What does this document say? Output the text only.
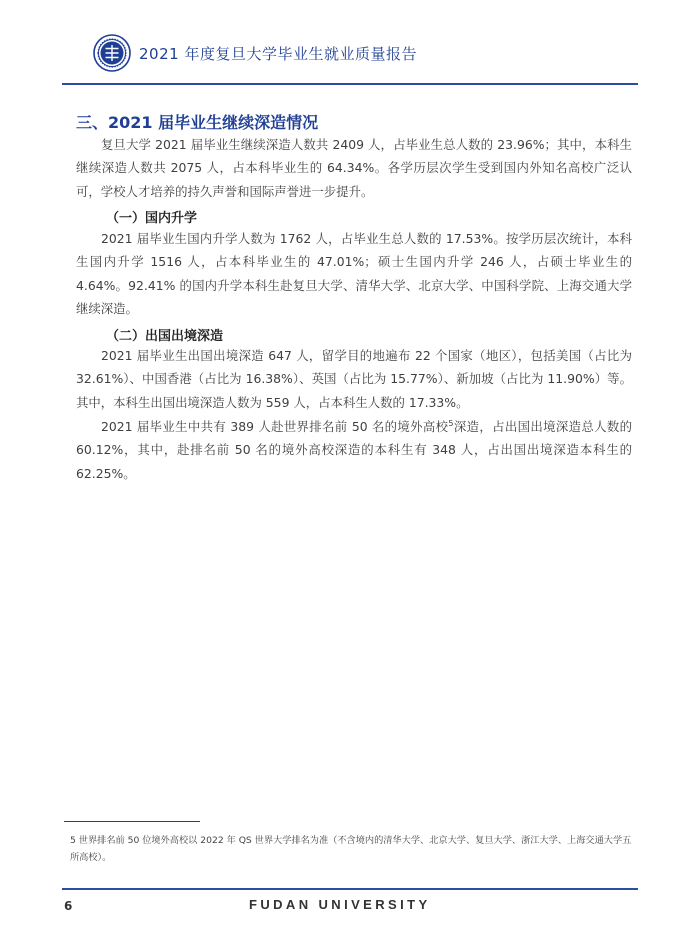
2021 年度复旦大学毕业生就业质量报告
三、2021 届毕业生继续深造情况

复旦大学 2021 届毕业生继续深造人数共 2409 人，占毕业生总人数的 23.96%；其中，本科生继续深造人数共 2075 人，占本科毕业生的 64.34%。各学历层次学生受到国内外知名高校广泛认可，学校人才培养的持久声誉和国际声誉进一步提升。

（一）国内升学

2021 届毕业生国内升学人数为 1762 人，占毕业生总人数的 17.53%。按学历层次统计，本科生国内升学 1516 人，占本科毕业生的 47.01%；硕士生国内升学 246 人，占硕士毕业生的 4.64%。92.41% 的国内升学本科生赴复旦大学、清华大学、北京大学、中国科学院、上海交通大学继续深造。

（二）出国出境深造

2021 届毕业生出国出境深造 647 人，留学目的地遍布 22 个国家（地区），包括美国（占比为 32.61%）、中国香港（占比为 16.38%）、英国（占比为 15.77%）、新加坡（占比为 11.90%）等。其中，本科生出国出境深造人数为 559 人，占本科生人数的 17.33%。

2021 届毕业生中共有 389 人赴世界排名前 50 名的境外高校$^5$深造，占出国出境深造总人数的 60.12%，其中，赴排名前 50 名的境外高校深造的本科生有 348 人，占出国出境深造本科生的 62.25%。

5 世界排名前 50 位境外高校以 2022 年 QS 世界大学排名为准（不含境内的清华大学、北京大学、复旦大学、浙江大学、上海交通大学五所高校）。

6	FUDAN UNIVERSITY
